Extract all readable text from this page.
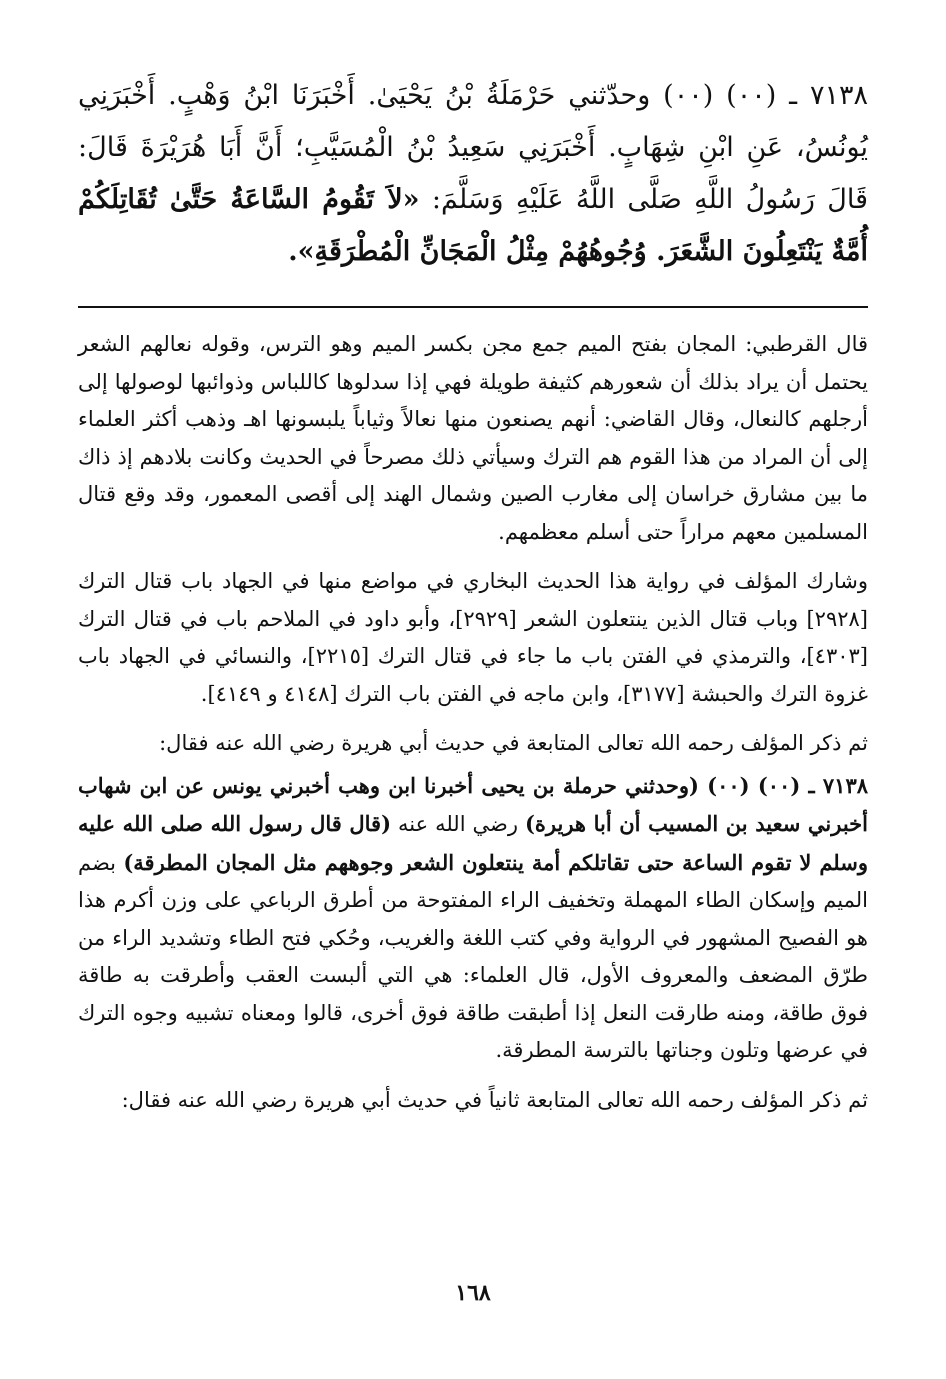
٧١٣٨ ـ (٠٠) (٠٠) وحدّثني حَرْمَلَةُ بْنُ يَحْيَىٰ. أَخْبَرَنَا ابْنُ وَهْبٍ. أَخْبَرَنِي يُونُسُ، عَنِ ابْنِ شِهَابٍ. أَخْبَرَنِي سَعِيدُ بْنُ الْمُسَيَّبِ؛ أَنَّ أَبَا هُرَيْرَةَ قَالَ: قَالَ رَسُولُ اللَّهِ صَلَّى اللَّهُ عَلَيْهِ وَسَلَّمَ: «لاَ تَقُومُ السَّاعَةُ حَتَّىٰ تُقَاتِلَكُمْ أُمَّةٌ يَنْتَعِلُونَ الشَّعَرَ. وُجُوهُهُمْ مِثْلُ الْمَجَانِّ الْمُطْرَقَةِ».

قال القرطبي: المجان بفتح الميم جمع مجن بكسر الميم وهو الترس، وقوله نعالهم الشعر يحتمل أن يراد بذلك أن شعورهم كثيفة طويلة فهي إذا سدلوها كاللباس وذوائبها لوصولها إلى أرجلهم كالنعال، وقال القاضي: أنهم يصنعون منها نعالاً وثياباً يلبسونها اهـ وذهب أكثر العلماء إلى أن المراد من هذا القوم هم الترك وسيأتي ذلك مصرحاً في الحديث وكانت بلادهم إذ ذاك ما بين مشارق خراسان إلى مغارب الصين وشمال الهند إلى أقصى المعمور، وقد وقع قتال المسلمين معهم مراراً حتى أسلم معظمهم.

وشارك المؤلف في رواية هذا الحديث البخاري في مواضع منها في الجهاد باب قتال الترك [٢٩٢٨] وباب قتال الذين ينتعلون الشعر [٢٩٢٩]، وأبو داود في الملاحم باب في قتال الترك [٤٣٠٣]، والترمذي في الفتن باب ما جاء في قتال الترك [٢٢١٥]، والنسائي في الجهاد باب غزوة الترك والحبشة [٣١٧٧]، وابن ماجه في الفتن باب الترك [٤١٤٨ و ٤١٤٩].

ثم ذكر المؤلف رحمه الله تعالى المتابعة في حديث أبي هريرة رضي الله عنه فقال:

٧١٣٨ ـ (٠٠) (٠٠) (وحدثني حرملة بن يحيى أخبرنا ابن وهب أخبرني يونس عن ابن شهاب أخبرني سعيد بن المسيب أن أبا هريرة) رضي الله عنه (قال قال رسول الله صلى الله عليه وسلم لا تقوم الساعة حتى تقاتلكم أمة ينتعلون الشعر وجوههم مثل المجان المطرقة) بضم الميم وإسكان الطاء المهملة وتخفيف الراء المفتوحة من أطرق الرباعي على وزن أكرم هذا هو الفصيح المشهور في الرواية وفي كتب اللغة والغريب، وحُكي فتح الطاء وتشديد الراء من طرّق المضعف والمعروف الأول، قال العلماء: هي التي ألبست العقب وأطرقت به طاقة فوق طاقة، ومنه طارقت النعل إذا أطبقت طاقة فوق أخرى، قالوا ومعناه تشبيه وجوه الترك في عرضها وتلون وجناتها بالترسة المطرقة.

ثم ذكر المؤلف رحمه الله تعالى المتابعة ثانياً في حديث أبي هريرة رضي الله عنه فقال:

١٦٨
